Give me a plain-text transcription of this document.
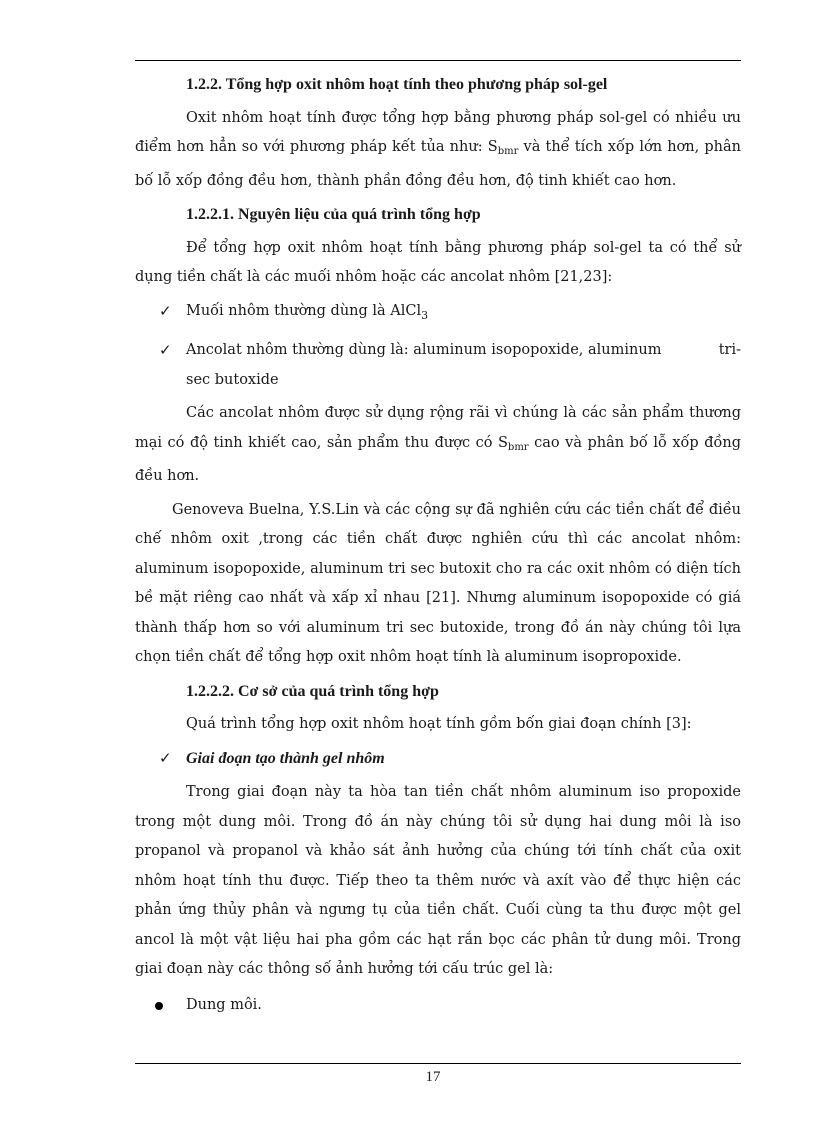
1.2.2. Tổng hợp oxit nhôm hoạt tính theo phương pháp sol-gel

Oxit nhôm hoạt tính được tổng hợp bằng phương pháp sol-gel có nhiều ưu điểm hơn hẳn so với phương pháp kết tủa như: $S_{bmr}$ và thể tích xốp lớn hơn, phân bố lỗ xốp đồng đều hơn, thành phần đồng đều hơn, độ tinh khiết cao hơn.

1.2.2.1. Nguyên liệu của quá trình tổng hợp

Để tổng hợp oxit nhôm hoạt tính bằng phương pháp sol-gel ta có thể sử dụng tiền chất là các muối nhôm hoặc các ancolat nhôm [21,23]:

✓ Muối nhôm thường dùng là AlCl$_3$
✓ Ancolat nhôm thường dùng là: aluminum isopopoxide, aluminum	tri-
sec butoxide

Các ancolat nhôm được sử dụng rộng rãi vì chúng là các sản phẩm thương mại có độ tinh khiết cao, sản phẩm thu được có $S_{bmr}$ cao và phân bố lỗ xốp đồng đều hơn.

Genoveva Buelna, Y.S.Lin và các cộng sự đã nghiên cứu các tiền chất để điều chế nhôm oxit ,trong các tiền chất được nghiên cứu thì các ancolat nhôm: aluminum isopopoxide, aluminum tri sec butoxit cho ra các oxit nhôm có diện tích bề mặt riêng cao nhất và xấp xỉ nhau [21]. Nhưng aluminum isopopoxide có giá thành thấp hơn so với aluminum tri sec butoxide, trong đồ án này chúng tôi lựa chọn tiền chất để tổng hợp oxit nhôm hoạt tính là aluminum isopropoxide.

1.2.2.2. Cơ sở của quá trình tổng hợp

Quá trình tổng hợp oxit nhôm hoạt tính gồm bốn giai đoạn chính [3]:

✓ Giai đoạn tạo thành gel nhôm

Trong giai đoạn này ta hòa tan tiền chất nhôm aluminum iso propoxide trong một dung môi. Trong đồ án này chúng tôi sử dụng hai dung môi là iso propanol và propanol và khảo sát ảnh hưởng của chúng tới tính chất của oxit nhôm hoạt tính thu được. Tiếp theo ta thêm nước và axít vào để thực hiện các phản ứng thủy phân và ngưng tụ của tiền chất. Cuối cùng ta thu được một gel ancol là một vật liệu hai pha gồm các hạt rắn bọc các phân tử dung môi. Trong giai đoạn này các thông số ảnh hưởng tới cấu trúc gel là:

Dung môi.
17
